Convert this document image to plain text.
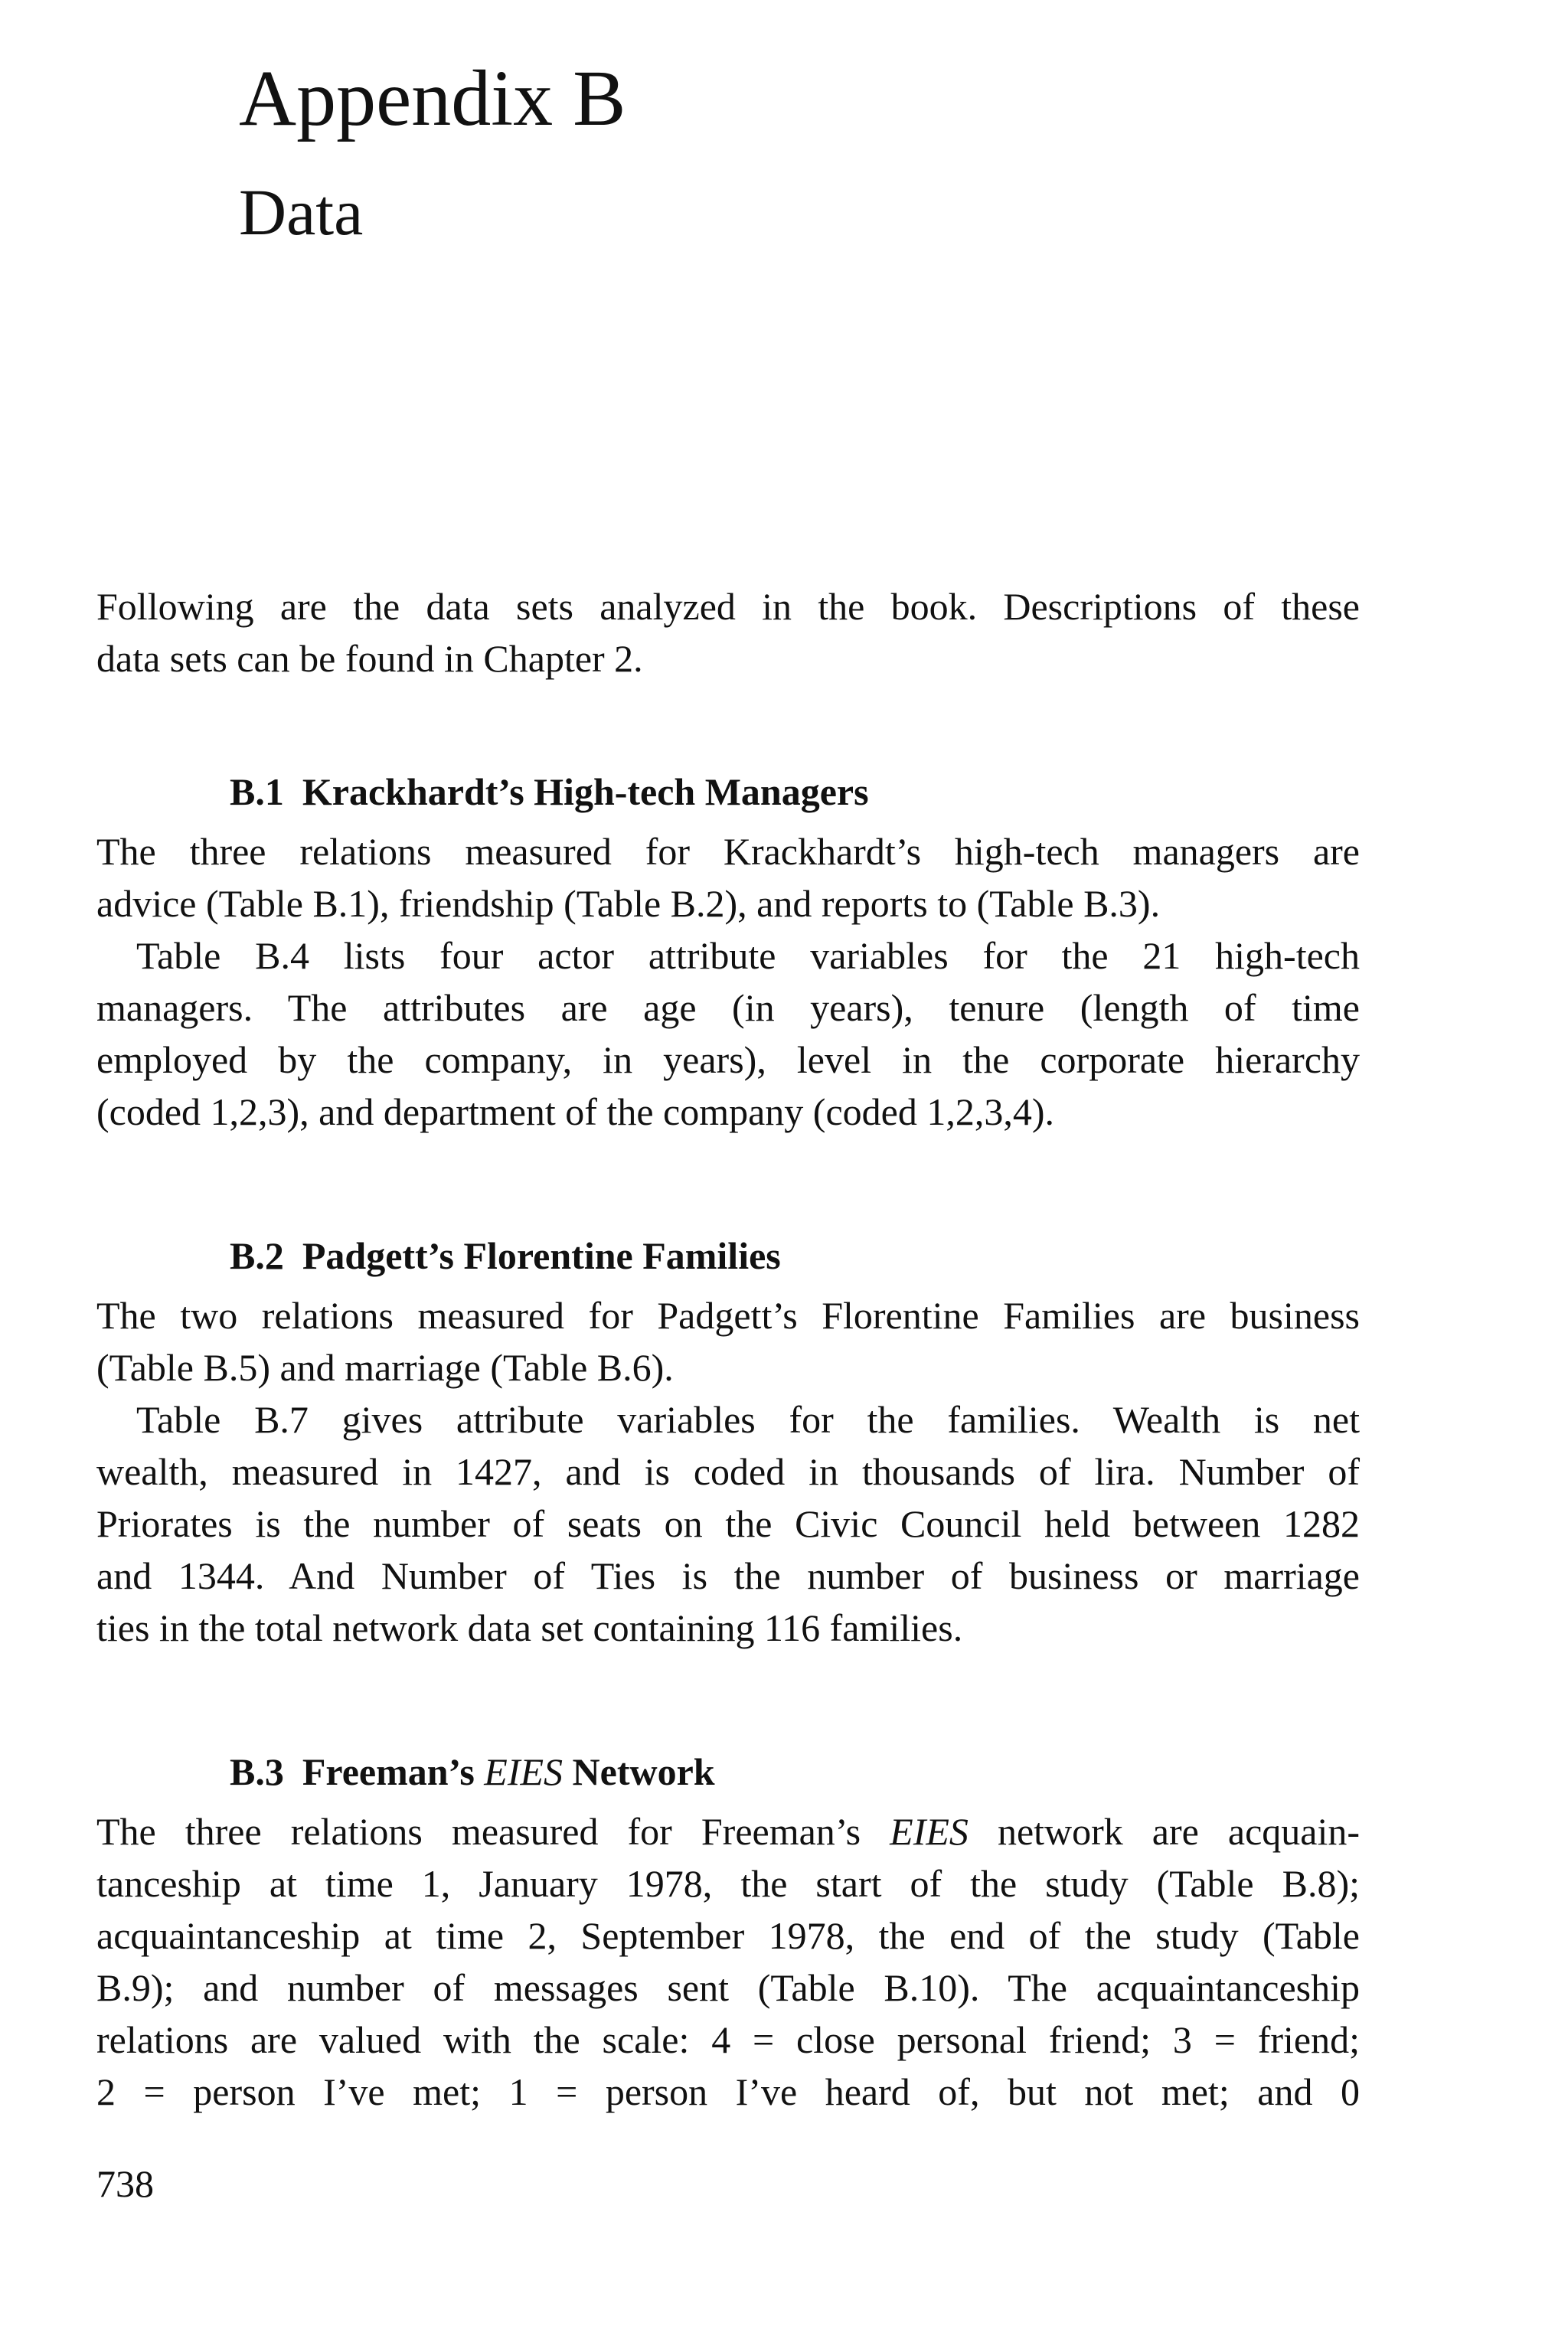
Appendix B
Data

Following are the data sets analyzed in the book. Descriptions of these
data sets can be found in Chapter 2.

B.1 Krackhardt’s High-tech Managers

The three relations measured for Krackhardt’s high-tech managers are
advice (Table B.1), friendship (Table B.2), and reports to (Table B.3).

Table B.4 lists four actor attribute variables for the 21 high-tech
managers. The attributes are age (in years), tenure (length of time
employed by the company, in years), level in the corporate hierarchy
(coded 1,2,3), and department of the company (coded 1,2,3,4).

B.2 Padgett’s Florentine Families

The two relations measured for Padgett’s Florentine Families are business
(Table B.5) and marriage (Table B.6).

Table B.7 gives attribute variables for the families. Wealth is net
wealth, measured in 1427, and is coded in thousands of lira. Number of
Priorates is the number of seats on the Civic Council held between 1282
and 1344. And Number of Ties is the number of business or marriage
ties in the total network data set containing 116 families.

B.3 Freeman’s EIES Network

The three relations measured for Freeman’s EIES network are acquain-
tanceship at time 1, January 1978, the start of the study (Table B.8);
acquaintanceship at time 2, September 1978, the end of the study (Table
B.9); and number of messages sent (Table B.10). The acquaintanceship
relations are valued with the scale: 4 = close personal friend; 3 = friend;
2 = person I’ve met; 1 = person I’ve heard of, but not met; and 0

738
